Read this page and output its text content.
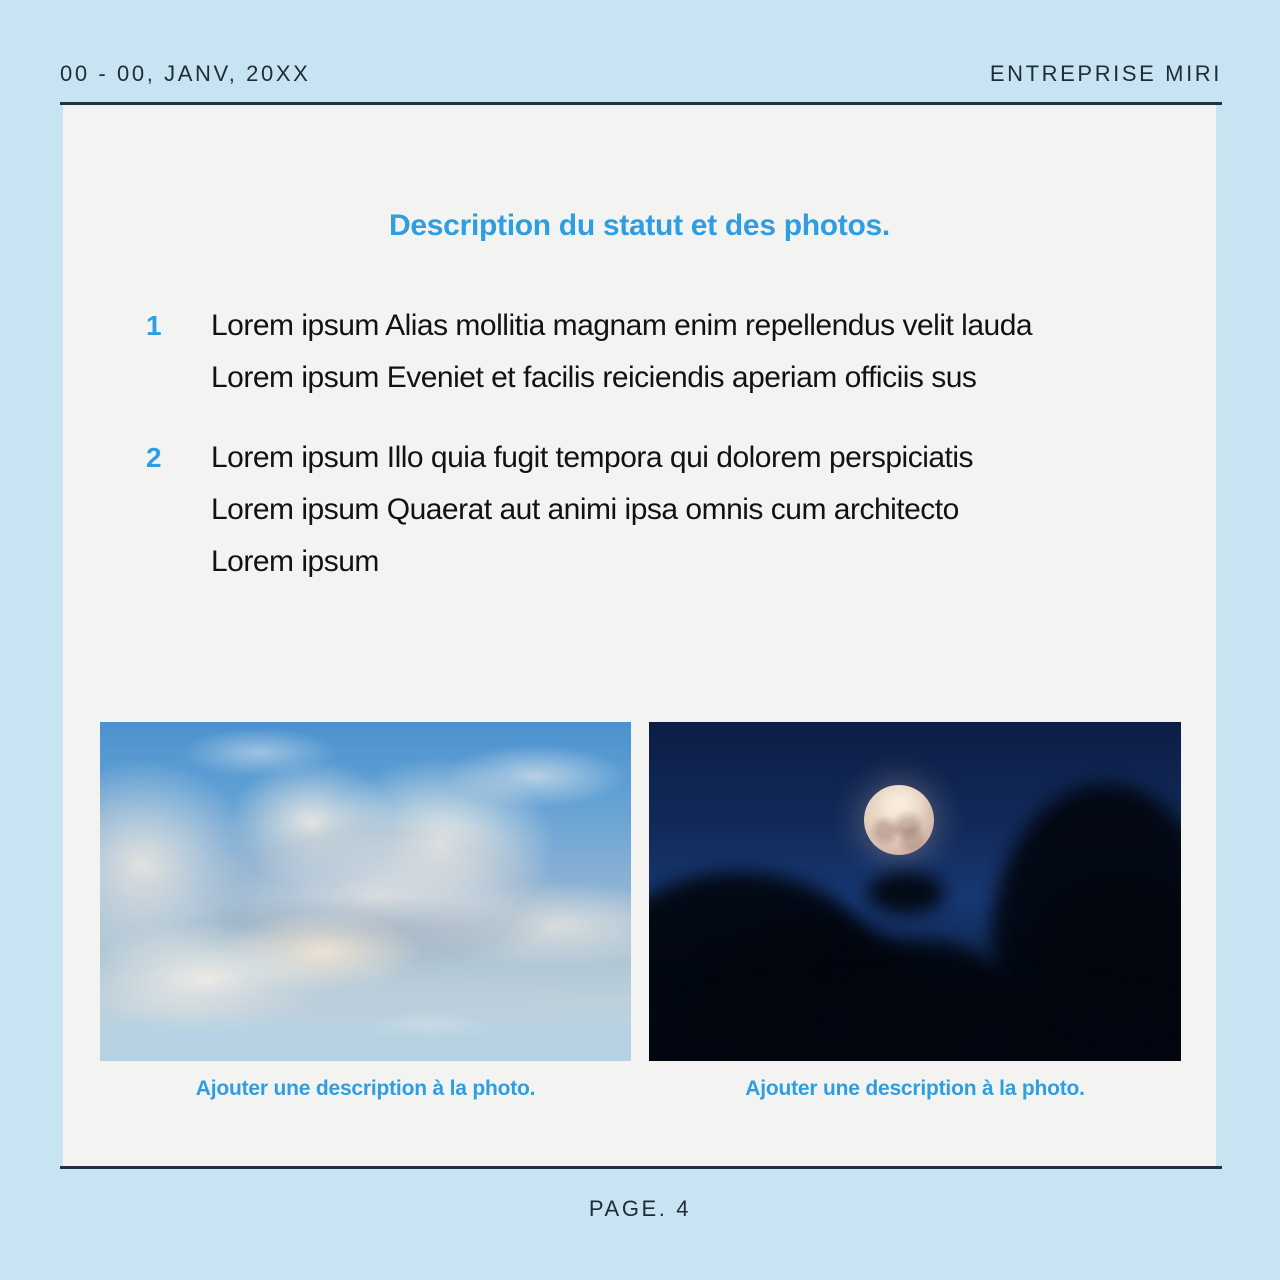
00 - 00, JANV, 20XX	ENTREPRISE MIRI
Description du statut et des photos.
1 Lorem ipsum Alias mollitia magnam enim repellendus velit lauda
Lorem ipsum Eveniet et facilis reiciendis aperiam officiis sus
2 Lorem ipsum Illo quia fugit tempora qui dolorem perspiciatis
Lorem ipsum Quaerat aut animi ipsa omnis cum architecto
Lorem ipsum
Ajouter une description à la photo.	Ajouter une description à la photo.
PAGE. 4
